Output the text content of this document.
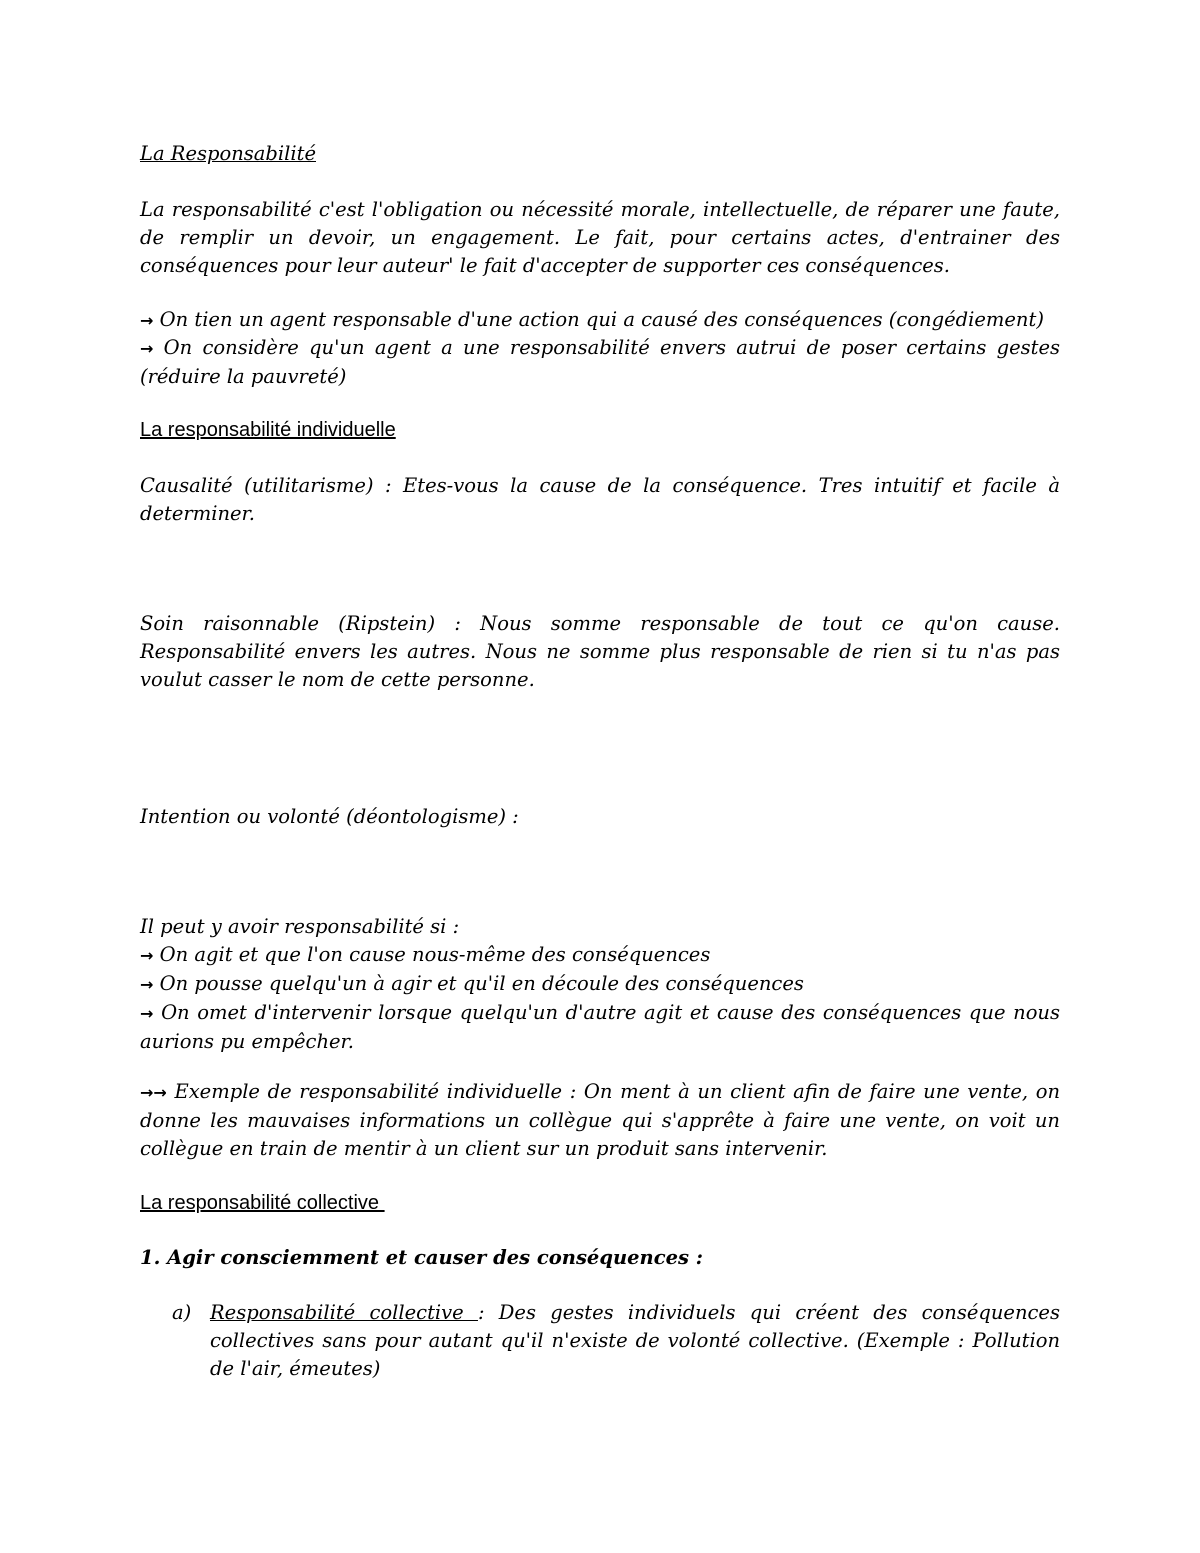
La Responsabilité

La responsabilité c'est l'obligation ou nécessité morale, intellectuelle, de réparer une faute, de remplir un devoir, un engagement. Le fait, pour certains actes, d'entrainer des conséquences pour leur auteur' le fait d'accepter de supporter ces conséquences.

→ On tien un agent responsable d'une action qui a causé des conséquences (congédiement)

→ On considère qu'un agent a une responsabilité envers autrui de poser certains gestes (réduire la pauvreté)

La responsabilité individuelle

Causalité (utilitarisme) : Etes-vous la cause de la conséquence. Tres intuitif et facile à determiner.

Soin raisonnable (Ripstein) : Nous somme responsable de tout ce qu'on cause. Responsabilité envers les autres. Nous ne somme plus responsable de rien si tu n'as pas voulut casser le nom de cette personne.

Intention ou volonté (déontologisme) :

Il peut y avoir responsabilité si :
→ On agit et que l'on cause nous-même des conséquences
→ On pousse quelqu'un à agir et qu'il en découle des conséquences
→ On omet d'intervenir lorsque quelqu'un d'autre agit et cause des conséquences que nous aurions pu empêcher.

→→ Exemple de responsabilité individuelle : On ment à un client afin de faire une vente, on donne les mauvaises informations un collègue qui s'apprête à faire une vente, on voit un collègue en train de mentir à un client sur un produit sans intervenir.

La responsabilité collective

1. Agir consciemment et causer des conséquences :

a) Responsabilité collective : Des gestes individuels qui créent des conséquences collectives sans pour autant qu'il n'existe de volonté collective. (Exemple : Pollution de l'air, émeutes)
